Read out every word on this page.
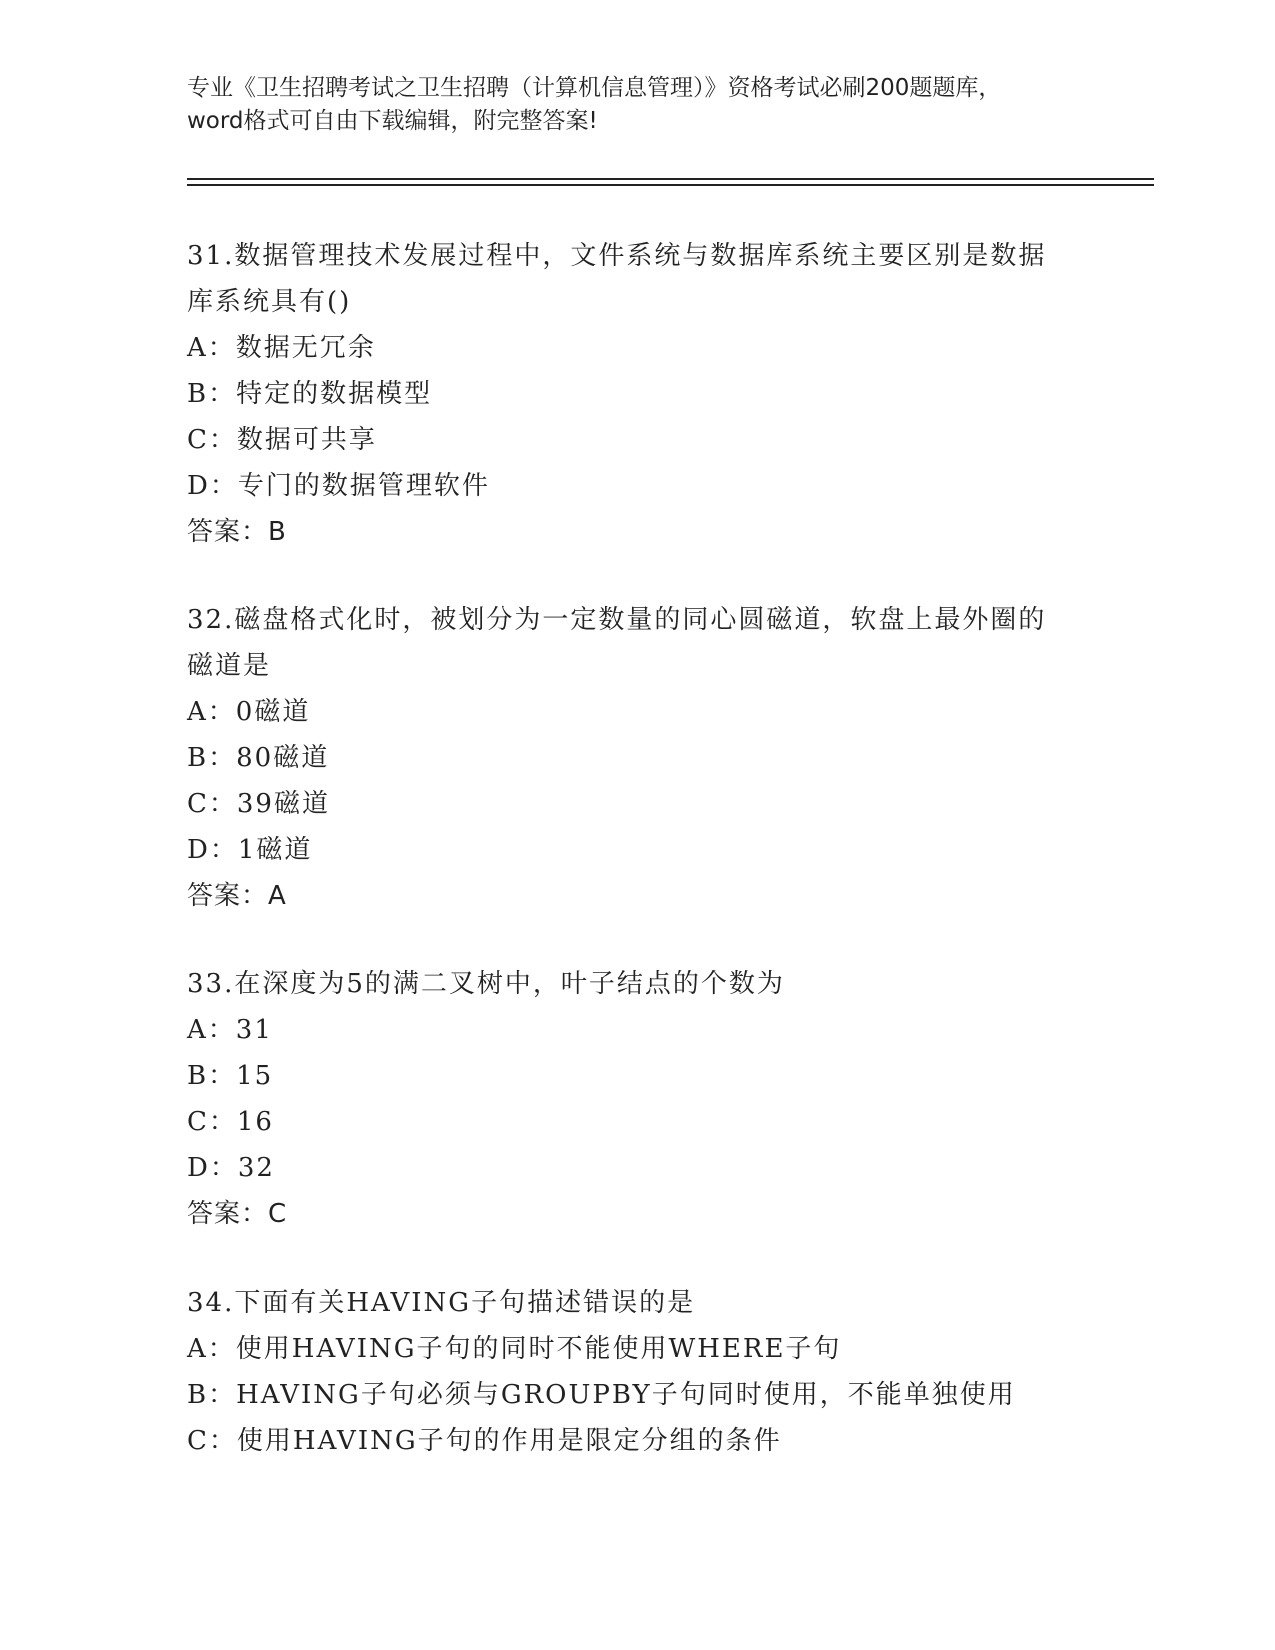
专业《卫生招聘考试之卫生招聘（计算机信息管理）》资格考试必刷200题题库，
word格式可自由下载编辑，附完整答案!
31.数据管理技术发展过程中，文件系统与数据库系统主要区别是数据
库系统具有()
A：数据无冗余
B：特定的数据模型
C：数据可共享
D：专门的数据管理软件
答案：B
32.磁盘格式化时，被划分为一定数量的同心圆磁道，软盘上最外圈的
磁道是
A：0磁道
B：80磁道
C：39磁道
D：1磁道
答案：A
33.在深度为5的满二叉树中，叶子结点的个数为
A：31
B：15
C：16
D：32
答案：C
34.下面有关HAVING子句描述错误的是
A：使用HAVING子句的同时不能使用WHERE子句
B：HAVING子句必须与GROUPBY子句同时使用，不能单独使用
C：使用HAVING子句的作用是限定分组的条件
